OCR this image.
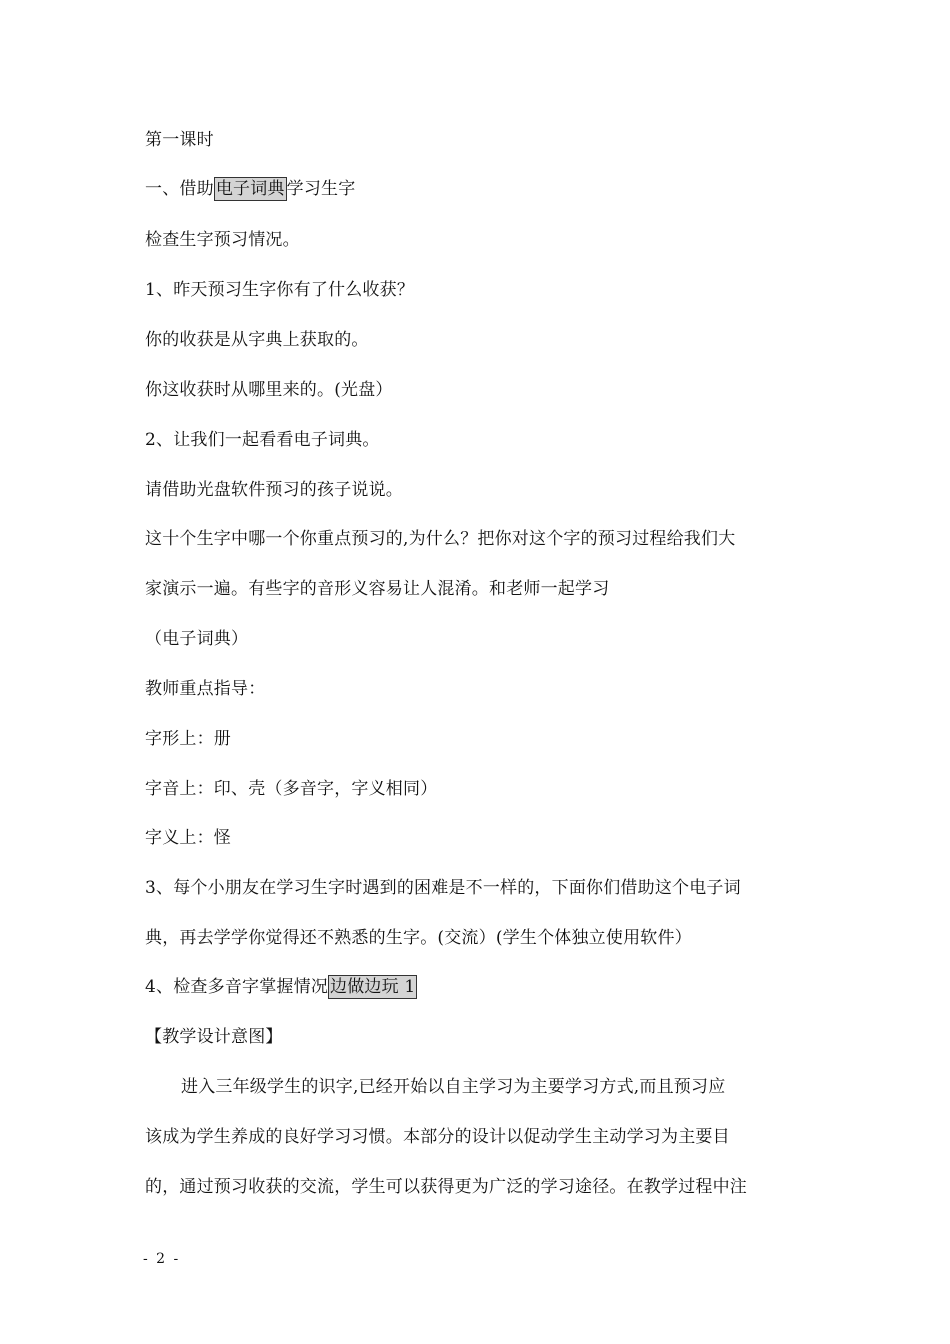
第一课时
一、借助 电子词典 学习生字
检查生字预习情况。
1、昨天预习生字你有了什么收获？
你的收获是从字典上获取的。
你这收获时从哪里来的。(光盘）
2、让我们一起看看电子词典。
请借助光盘软件预习的孩子说说。
这十个生字中哪一个你重点预习的,为什么？把你对这个字的预习过程给我们大
家演示一遍。有些字的音形义容易让人混淆。和老师一起学习
（电子词典）
教师重点指导：
字形上：册
字音上：印、壳（多音字，字义相同）
字义上：怪
3、每个小朋友在学习生字时遇到的困难是不一样的，下面你们借助这个电子词
典，再去学学你觉得还不熟悉的生字。(交流）(学生个体独立使用软件）
4、检查多音字掌握情况 边做边玩 1
【教学设计意图】
进入三年级学生的识字,已经开始以自主学习为主要学习方式,而且预习应
该成为学生养成的良好学习习惯。本部分的设计以促动学生主动学习为主要目
的，通过预习收获的交流，学生可以获得更为广泛的学习途径。在教学过程中注
- 2 -
